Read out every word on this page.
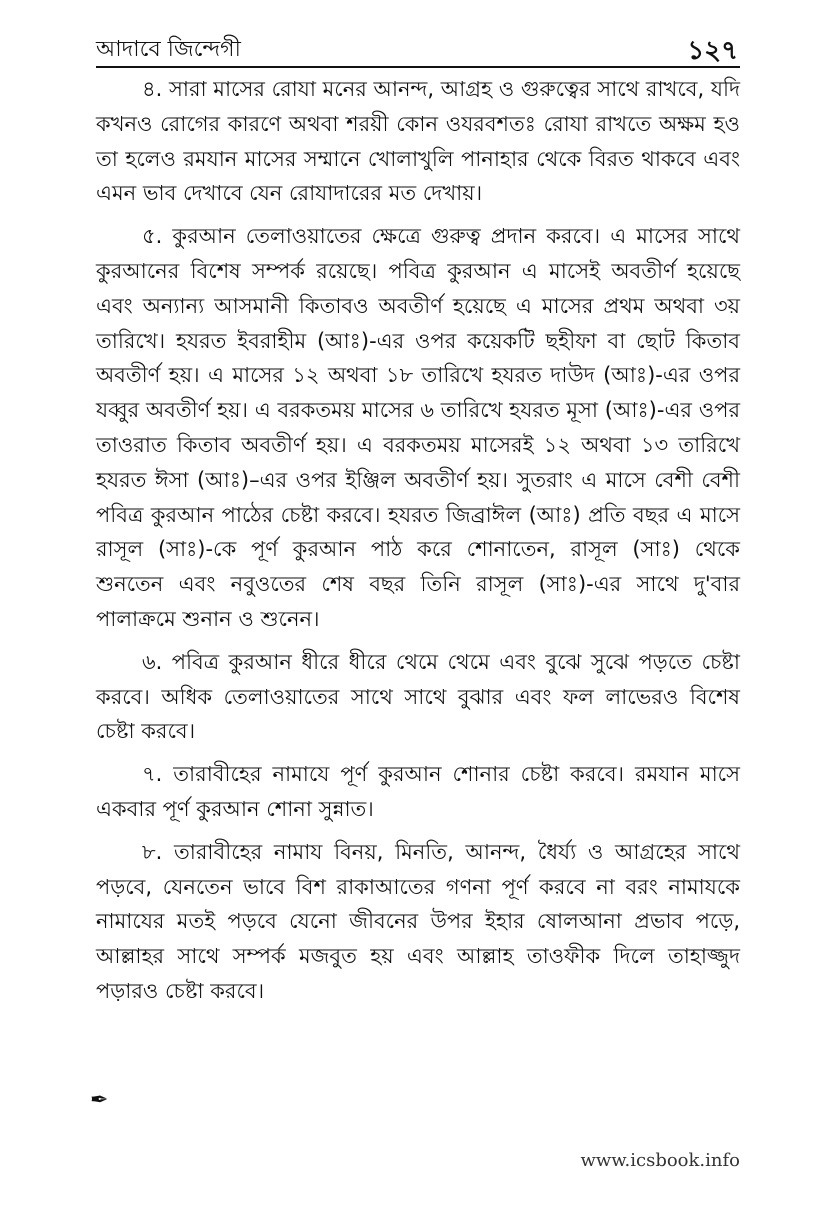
আদাবে জিন্দেগী	১২৭

৪. সারা মাসের রোযা মনের আনন্দ, আগ্রহ ও গুরুত্বের সাথে রাখবে, যদি কখনও রোগের কারণে অথবা শরয়ী কোন ওযরবশতঃ রোযা রাখতে অক্ষম হও তা হলেও রমযান মাসের সম্মানে খোলাখুলি পানাহার থেকে বিরত থাকবে এবং এমন ভাব দেখাবে যেন রোযাদারের মত দেখায়।

৫. কুরআন তেলাওয়াতের ক্ষেত্রে গুরুত্ব প্রদান করবে। এ মাসের সাথে কুরআনের বিশেষ সম্পর্ক রয়েছে। পবিত্র কুরআন এ মাসেই অবতীর্ণ হয়েছে এবং অন্যান্য আসমানী কিতাবও অবতীর্ণ হয়েছে এ মাসের প্রথম অথবা ৩য় তারিখে। হযরত ইবরাহীম (আঃ)-এর ওপর কয়েকটি ছহীফা বা ছোট কিতাব অবতীর্ণ হয়। এ মাসের ১২ অথবা ১৮ তারিখে হযরত দাউদ (আঃ)-এর ওপর যব্বুর অবতীর্ণ হয়। এ বরকতময় মাসের ৬ তারিখে হযরত মূসা (আঃ)-এর ওপর তাওরাত কিতাব অবতীর্ণ হয়। এ বরকতময় মাসেরই ১২ অথবা ১৩ তারিখে হযরত ঈসা (আঃ)–এর ওপর ইঞ্জিল অবতীর্ণ হয়। সুতরাং এ মাসে বেশী বেশী পবিত্র কুরআন পাঠের চেষ্টা করবে। হযরত জিব্রাঈল (আঃ) প্রতি বছর এ মাসে রাসূল (সাঃ)-কে পূর্ণ কুরআন পাঠ করে শোনাতেন, রাসূল (সাঃ) থেকে শুনতেন এবং নবুওতের শেষ বছর তিনি রাসূল (সাঃ)-এর সাথে দু'বার পালাক্রমে শুনান ও শুনেন।

৬. পবিত্র কুরআন ধীরে ধীরে থেমে থেমে এবং বুঝে সুঝে পড়তে চেষ্টা করবে। অধিক তেলাওয়াতের সাথে সাথে বুঝার এবং ফল লাভেরও বিশেষ চেষ্টা করবে।

৭. তারাবীহের নামাযে পূর্ণ কুরআন শোনার চেষ্টা করবে। রমযান মাসে একবার পূর্ণ কুরআন শোনা সুন্নাত।

৮. তারাবীহের নামায বিনয়, মিনতি, আনন্দ, ধৈর্য্য ও আগ্রহের সাথে পড়বে, যেনতেন ভাবে বিশ রাকাআতের গণনা পূর্ণ করবে না বরং নামাযকে নামাযের মতই পড়বে যেনো জীবনের উপর ইহার ষোলআনা প্রভাব পড়ে, আল্লাহর সাথে সম্পর্ক মজবুত হয় এবং আল্লাহ তাওফীক দিলে তাহাজ্জুদ পড়ারও চেষ্টা করবে।

✒
www.icsbook.info
